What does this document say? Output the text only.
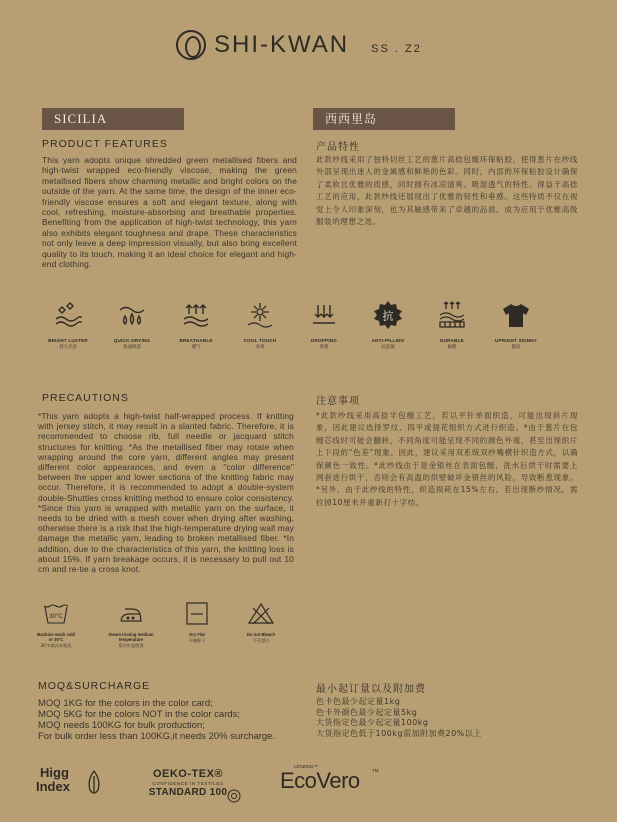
SHI-KWAN SS . Z2
SICILIA	西西里岛
PRODUCT FEATURES	产品特性
This yarn adopts unique shredded green metallised fibers and high-twist wrapped eco-friendly viscose, making the green metallised fibers show charming metallic and bright colors on the outside of the yarn. At the same time, the design of the inner eco-friendly viscose ensures a soft and elegant texture, along with cool, refreshing, moisture-absorbing and breathable properties. Benefiting from the application of high-twist technology, this yarn also exhibits elegant toughness and drape. These characteristics not only leave a deep impression visually, but also bring excellent quality to its touch, making it an ideal choice for elegant and high-end clothing.
此款纱线采用了独特切丝工艺的葱片高捻包缠环保粘胶，使得葱片在纱线外部呈现出迷人的金属感和鲜艳的色彩。同时，内部的环保粘胶设计确保了柔软且优雅的质感，同时拥有冰凉清爽、吸湿透气的特性。得益于高捻工艺的应用，此款纱线还展现出了优雅的韧性和垂感。这些特质不仅在视觉上令人印象深刻，也为其触感带来了卓越的品质，成为应用于优雅高级服装的理想之选。
BRIGHT LUSTER
持久光泽
QUICK-DRYING
快速吸湿
BREATHABLE
透气
COOL TOUCH
冰爽
DROPPING
垂感
抗
ANTI-PILLING
抗起球
DURABLE
耐磨
UPRIGHT SKINNY
挺括
PRECAUTIONS	注意事项
*This yarn adopts a high-twist half-wrapped process. If knitting with jersey stitch, it may result in a slanted fabric. Therefore, it is recommended to choose rib, full needle or jacquard stitch structures for knitting. *As the metallised fiber may rotate when wrapping around the core yarn, different angles may present different color appearances, and even a "color difference" between the upper and lower sections of the knitting fabric may occur. Therefore, it is recommended to adopt a double-system double-Shuttles cross knitting method to ensure color consistency. *Since this yarn is wrapped with metallic yarn on the surface, it needs to be dried with a mesh cover when drying after washing, otherwise there is a risk that the high-temperature drying wall may damage the metallic yarn, leading to broken metallised fiber. *In addition, due to the characteristics of this yarn, the knitting loss is about 15%. If yarn breakage occurs, it is necessary to pull out 10 cm and re-tie a cross knot.
*此款纱线采用高捻半包缠工艺，若以平针单面织造，可能出现斜片现象，因此建议选择罗纹、四平或提花组织方式进行织造。*由于葱片在包缠芯线时可能会翻转，不同角度可能呈现不同的颜色外观，甚至出现织片上下段的“色差”现象。因此，建议采用双系统双纱嘴横针织造方式，以确保颜色一致性。*此纱线由于是金银丝在表面包缠，洗水后烘干时需要上网套进行烘干，否则会有高温的烘壁破坏金银丝的风险，导致断葱现象。*另外，由于此纱线的特性，织造损耗在15%左右，若出现断纱情况，需拉掉10厘米并重新打十字结。
30°C
Machine wash cold or 30°C
30℃或冷水机洗
Steam Ironing medium temperature
蒸汽中温熨烫
Dry Flat
平铺晾干
Do not Bleach
不可漂白
MOQ&SURCHARGE	最小起订量以及附加费
MOQ 1KG for the colors in the color card;
MOQ 5KG for the colors NOT in the color cards;
MOQ needs 100KG for bulk production;
For bulk order less than 100KG,it needs 20% surcharge.
色卡色最少起定量1kg
色卡外颜色最少起定量5kg
大货指定色最少起定量100kg
大货指定色低于100kg需加附加费20%以上
Higg
Index
OEKO-TEX®
CONFIDENCE IN TEXTILES
STANDARD 100
LENZING™
EcoVero	TM
